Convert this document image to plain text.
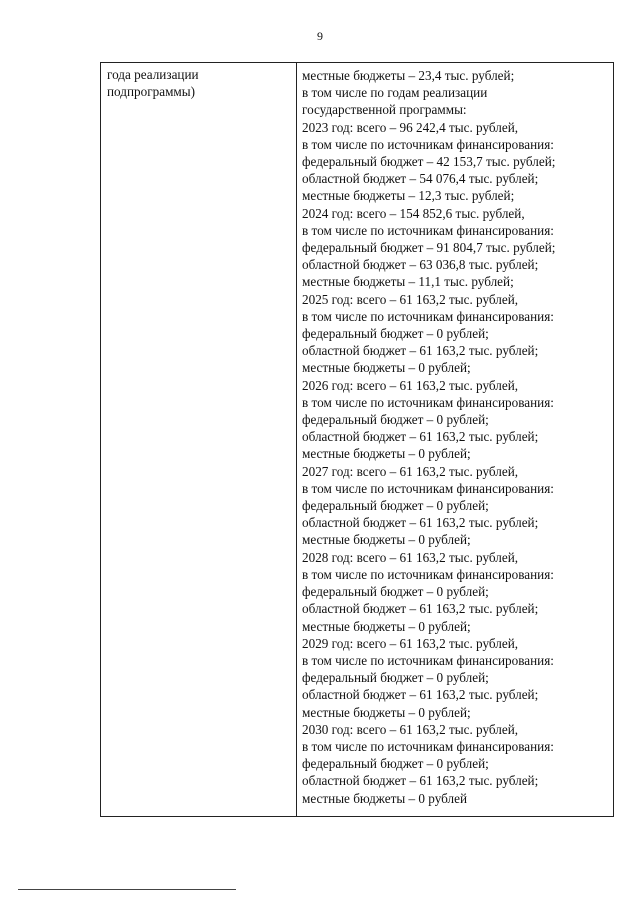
9
года реализации
подпрограммы)
местные бюджеты – 23,4 тыс. рублей;
в том числе по годам реализации
государственной программы:
2023 год: всего – 96 242,4 тыс. рублей,
в том числе по источникам финансирования:
федеральный бюджет – 42 153,7 тыс. рублей;
областной бюджет – 54 076,4 тыс. рублей;
местные бюджеты – 12,3 тыс. рублей;
2024 год: всего – 154 852,6 тыс. рублей,
в том числе по источникам финансирования:
федеральный бюджет – 91 804,7 тыс. рублей;
областной бюджет – 63 036,8 тыс. рублей;
местные бюджеты – 11,1 тыс. рублей;
2025 год: всего – 61 163,2 тыс. рублей,
в том числе по источникам финансирования:
федеральный бюджет – 0 рублей;
областной бюджет – 61 163,2 тыс. рублей;
местные бюджеты – 0 рублей;
2026 год: всего – 61 163,2 тыс. рублей,
в том числе по источникам финансирования:
федеральный бюджет – 0 рублей;
областной бюджет – 61 163,2 тыс. рублей;
местные бюджеты – 0 рублей;
2027 год: всего – 61 163,2 тыс. рублей,
в том числе по источникам финансирования:
федеральный бюджет – 0 рублей;
областной бюджет – 61 163,2 тыс. рублей;
местные бюджеты – 0 рублей;
2028 год: всего – 61 163,2 тыс. рублей,
в том числе по источникам финансирования:
федеральный бюджет – 0 рублей;
областной бюджет – 61 163,2 тыс. рублей;
местные бюджеты – 0 рублей;
2029 год: всего – 61 163,2 тыс. рублей,
в том числе по источникам финансирования:
федеральный бюджет – 0 рублей;
областной бюджет – 61 163,2 тыс. рублей;
местные бюджеты – 0 рублей;
2030 год: всего – 61 163,2 тыс. рублей,
в том числе по источникам финансирования:
федеральный бюджет – 0 рублей;
областной бюджет – 61 163,2 тыс. рублей;
местные бюджеты – 0 рублей
